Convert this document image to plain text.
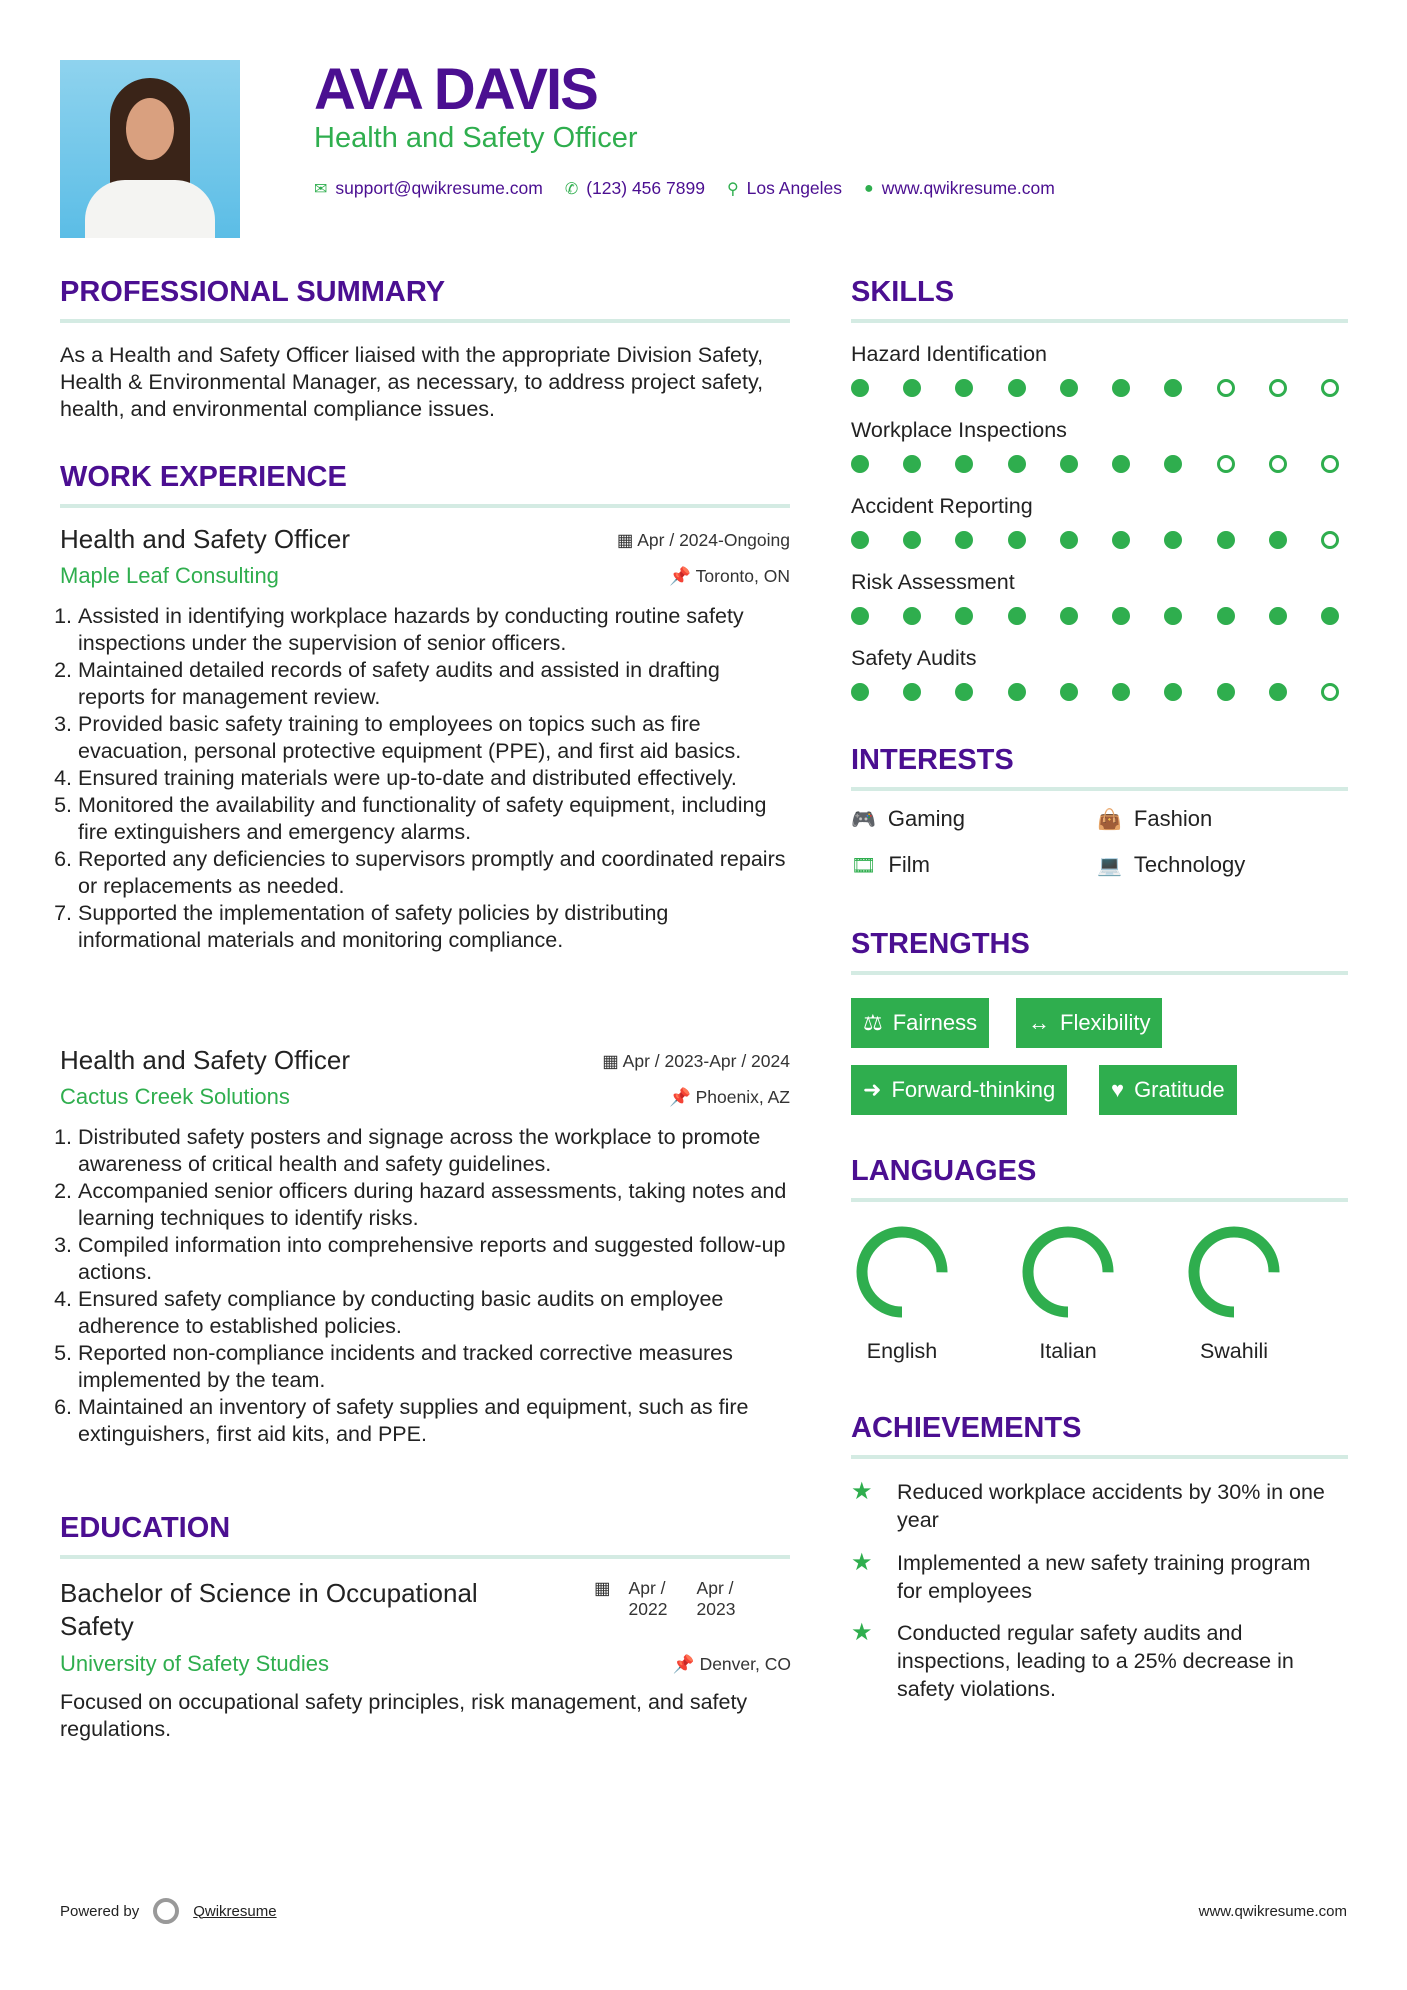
AVA DAVIS
Health and Safety Officer
✉ support@qwikresume.com ✆ (123) 456 7899 ⚲ Los Angeles ● www.qwikresume.com
PROFESSIONAL SUMMARY
As a Health and Safety Officer liaised with the appropriate Division Safety, Health & Environmental Manager, as necessary, to address project safety, health, and environmental compliance issues.
WORK EXPERIENCE
Health and Safety Officer	▦ Apr / 2024-Ongoing
Maple Leaf Consulting	📌 Toronto, ON
1. Assisted in identifying workplace hazards by conducting routine safety inspections under the supervision of senior officers.
2. Maintained detailed records of safety audits and assisted in drafting reports for management review.
3. Provided basic safety training to employees on topics such as fire evacuation, personal protective equipment (PPE), and first aid basics.
4. Ensured training materials were up-to-date and distributed effectively.
5. Monitored the availability and functionality of safety equipment, including fire extinguishers and emergency alarms.
6. Reported any deficiencies to supervisors promptly and coordinated repairs or replacements as needed.
7. Supported the implementation of safety policies by distributing informational materials and monitoring compliance.
Health and Safety Officer	▦ Apr / 2023-Apr / 2024
Cactus Creek Solutions	📌 Phoenix, AZ
1. Distributed safety posters and signage across the workplace to promote awareness of critical health and safety guidelines.
2. Accompanied senior officers during hazard assessments, taking notes and learning techniques to identify risks.
3. Compiled information into comprehensive reports and suggested follow-up actions.
4. Ensured safety compliance by conducting basic audits on employee adherence to established policies.
5. Reported non-compliance incidents and tracked corrective measures implemented by the team.
6. Maintained an inventory of safety supplies and equipment, such as fire extinguishers, first aid kits, and PPE.
EDUCATION
Bachelor of Science in Occupational Safety
▦ Apr / 2022
Apr / 2023
University of Safety Studies	📌 Denver, CO
Focused on occupational safety principles, risk management, and safety regulations.
SKILLS
Hazard Identification
Workplace Inspections
Accident Reporting
Risk Assessment
Safety Audits
INTERESTS
🎮 Gaming	👜 Fashion
🎞 Film	💻 Technology
STRENGTHS
⚖ Fairness ↔ Flexibility
➜ Forward-thinking	♥ Gratitude
LANGUAGES
English	Italian	Swahili
ACHIEVEMENTS
★	Reduced workplace accidents by 30% in one year
★	Implemented a new safety training program for employees
★	Conducted regular safety audits and inspections, leading to a 25% decrease in safety violations.
Powered by	Qwikresume	www.qwikresume.com
